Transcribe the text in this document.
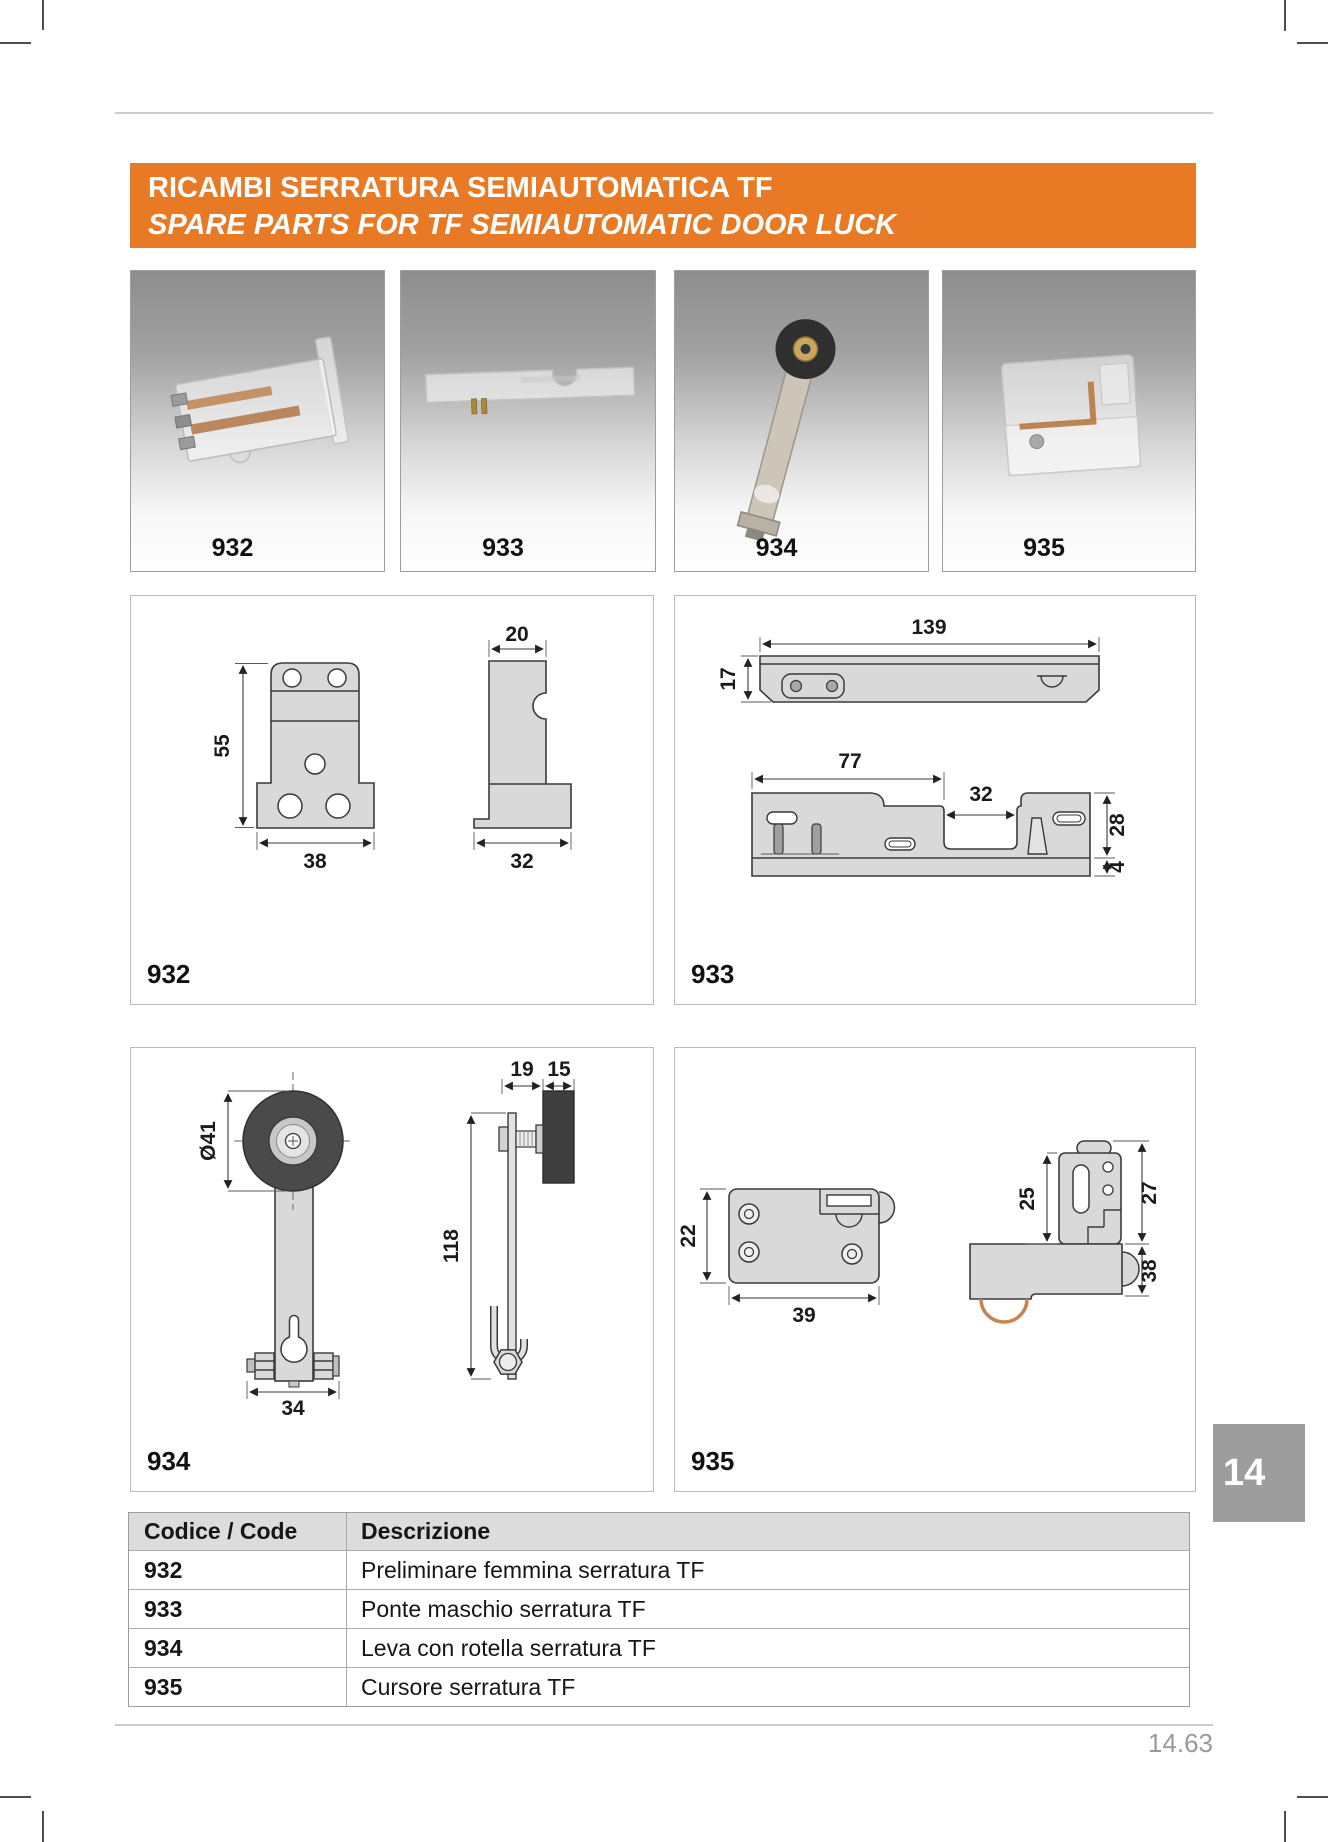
RICAMBI SERRATURA SEMIAUTOMATICA TF
SPARE PARTS FOR TF SEMIAUTOMATIC DOOR LUCK
932	933	934	935
55
38
20
32
932
139
17
77
32
28
4
933
Ø41
34
19 15
118
934
22
39
25	27
38
935
Codice / Code	Descrizione
932	Preliminare femmina serratura TF
933	Ponte maschio serratura TF
934	Leva con rotella serratura TF
935	Cursore serratura TF
14
14.63
